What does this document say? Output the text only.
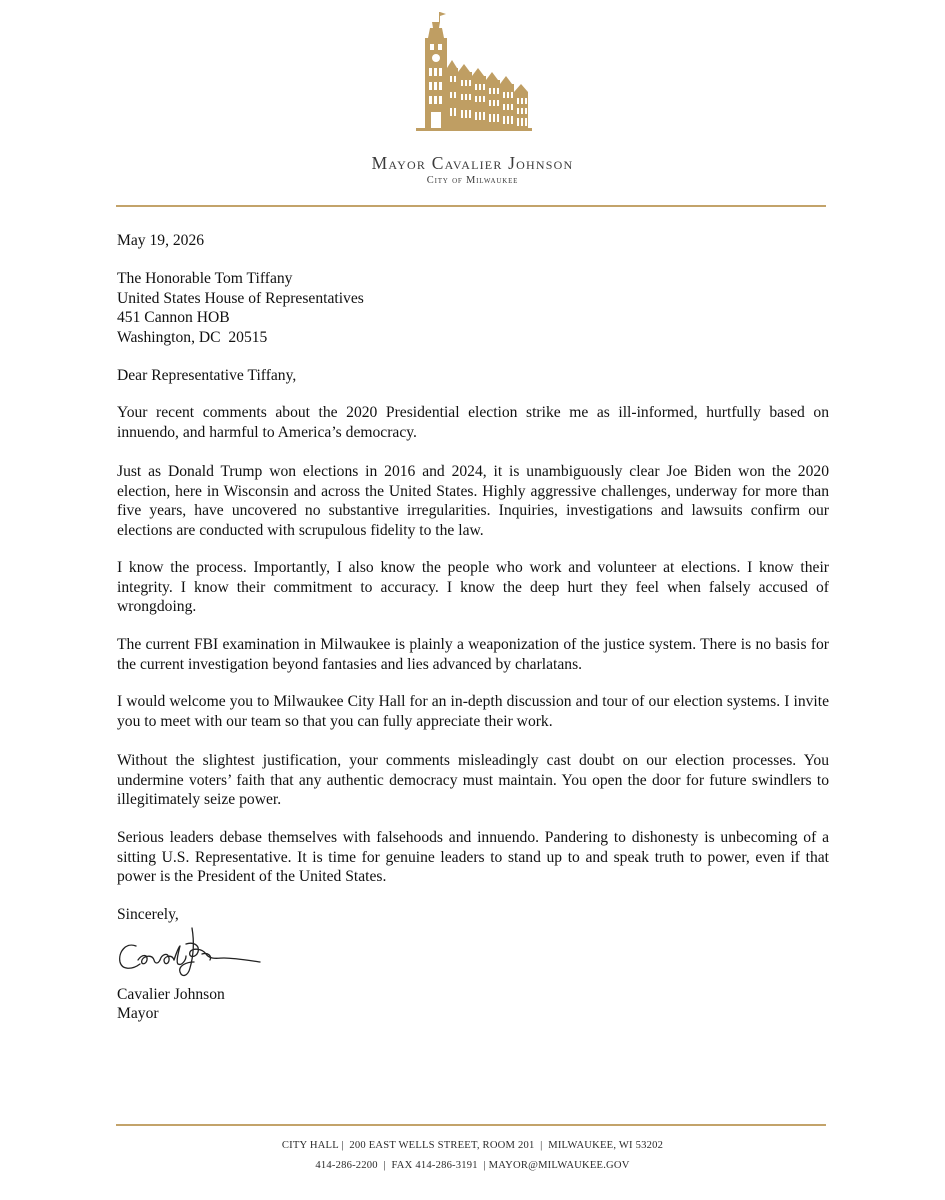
Mayor Cavalier Johnson
City of Milwaukee
May 19, 2026
The Honorable Tom Tiffany
United States House of Representatives
451 Cannon HOB
Washington, DC  20515
Dear Representative Tiffany,

Your recent comments about the 2020 Presidential election strike me as ill-informed, hurtfully based on innuendo, and harmful to America’s democracy.

Just as Donald Trump won elections in 2016 and 2024, it is unambiguously clear Joe Biden won the 2020 election, here in Wisconsin and across the United States. Highly aggressive challenges, underway for more than five years, have uncovered no substantive irregularities. Inquiries, investigations and lawsuits confirm our elections are conducted with scrupulous fidelity to the law.

I know the process. Importantly, I also know the people who work and volunteer at elections. I know their integrity. I know their commitment to accuracy. I know the deep hurt they feel when falsely accused of wrongdoing.

The current FBI examination in Milwaukee is plainly a weaponization of the justice system. There is no basis for the current investigation beyond fantasies and lies advanced by charlatans.

I would welcome you to Milwaukee City Hall for an in-depth discussion and tour of our election systems. I invite you to meet with our team so that you can fully appreciate their work.

Without the slightest justification, your comments misleadingly cast doubt on our election processes. You undermine voters’ faith that any authentic democracy must maintain. You open the door for future swindlers to illegitimately seize power.

Serious leaders debase themselves with falsehoods and innuendo. Pandering to dishonesty is unbecoming of a sitting U.S. Representative. It is time for genuine leaders to stand up to and speak truth to power, even if that power is the President of the United States.

Sincerely,
Cavalier Johnson
Mayor
CITY HALL |  200 EAST WELLS STREET, ROOM 201  |  MILWAUKEE, WI 53202
414-286-2200  |  FAX 414-286-3191  | MAYOR@MILWAUKEE.GOV
